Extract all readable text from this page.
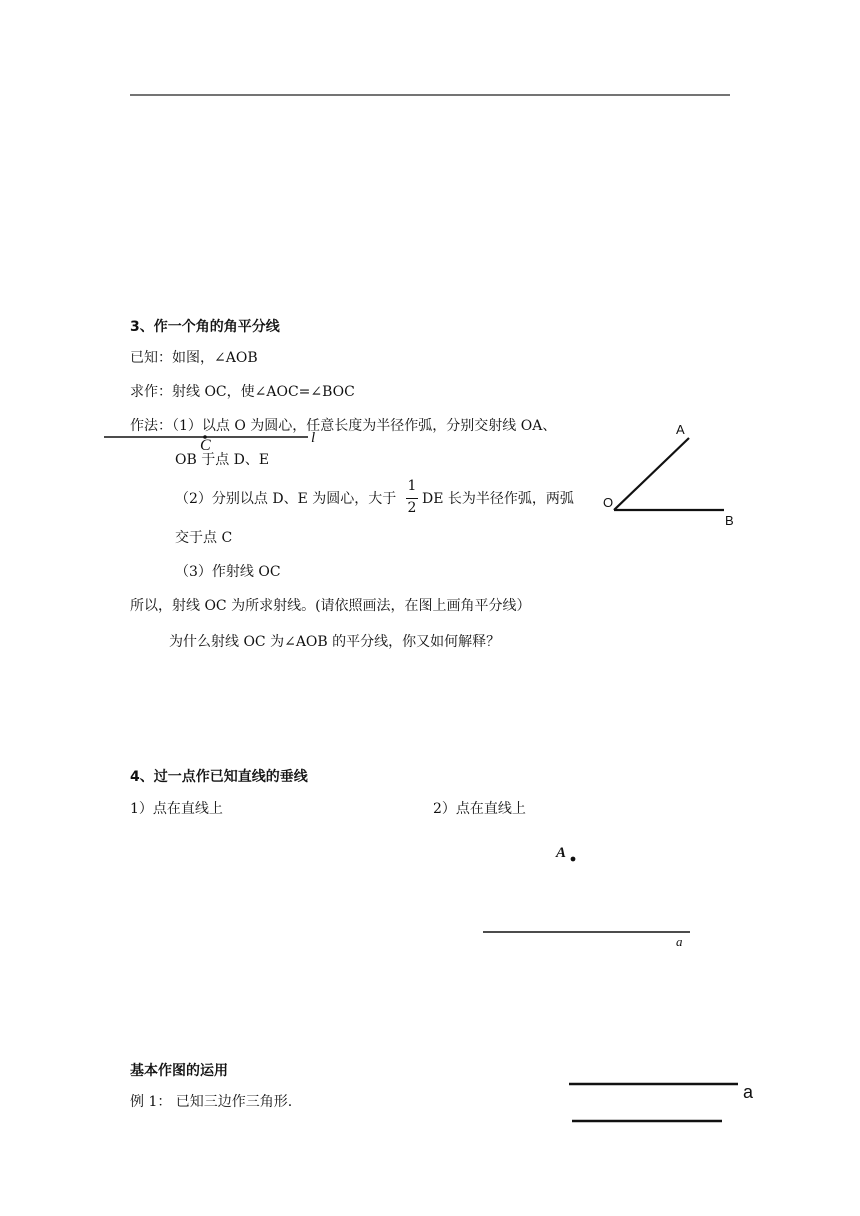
3、作一个角的角平分线
已知：如图，∠AOB
求作：射线 OC，使∠AOC=∠BOC
作法：（1）以点 O 为圆心，任意长度为半径作弧，分别交射线 OA、
OB 于点 D、E
（2）分别以点 D、E 为圆心，大于
1
2
DE 长为半径作弧，两弧
交于点 C
（3）作射线 OC
所以，射线 OC 为所求射线。(请依照画法，在图上画角平分线）
为什么射线 OC 为∠AOB 的平分线，你又如何解释？
C	l
A
O
B
4、过一点作已知直线的垂线
1）点在直线上	2）点在直线上
A
a
基本作图的运用
例 1： 已知三边作三角形.	a
